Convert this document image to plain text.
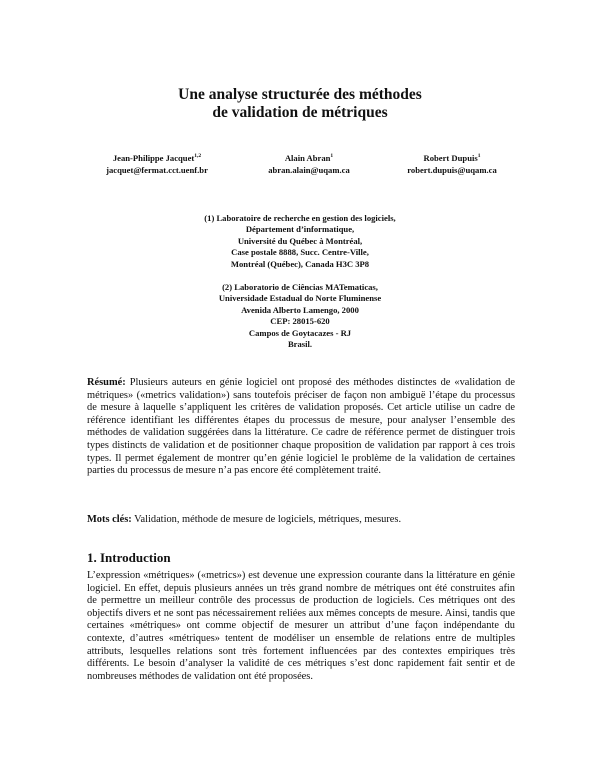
Une analyse structurée des méthodes
de validation de métriques
Jean-Philippe Jacquet$^{1,2}$
jacquet@fermat.cct.uenf.br
Alain Abran$^1$
abran.alain@uqam.ca
Robert Dupuis$^1$
robert.dupuis@uqam.ca
(1) Laboratoire de recherche en gestion des logiciels,
Département d’informatique,
Université du Québec à Montréal,
Case postale 8888, Succ. Centre-Ville,
Montréal (Québec), Canada H3C 3P8
(2) Laboratorio de Ciências MATematicas,
Universidade Estadual do Norte Fluminense
Avenida Alberto Lamengo, 2000
CEP: 28015-620
Campos de Goytacazes - RJ
Brasil.

Résumé: Plusieurs auteurs en génie logiciel ont proposé des méthodes distinctes de «validation de métriques» («metrics validation») sans toutefois préciser de façon non ambiguë l’étape du processus de mesure à laquelle s’appliquent les critères de validation proposés. Cet article utilise un cadre de référence identifiant les différentes étapes du processus de mesure, pour analyser l’ensemble des méthodes de validation suggérées dans la littérature. Ce cadre de référence permet de distinguer trois types distincts de validation et de positionner chaque proposition de validation par rapport à ces trois types. Il permet également de montrer qu’en génie logiciel le problème de la validation de certaines parties du processus de mesure n’a pas encore été complètement traité.

Mots clés: Validation, méthode de mesure de logiciels, métriques, mesures.

1. Introduction

L’expression «métriques» («metrics») est devenue une expression courante dans la littérature en génie logiciel. En effet, depuis plusieurs années un très grand nombre de métriques ont été construites afin de permettre un meilleur contrôle des processus de production de logiciels. Ces métriques ont des objectifs divers et ne sont pas nécessairement reliées aux mêmes concepts de mesure. Ainsi, tandis que certaines «métriques» ont comme objectif de mesurer un attribut d’une façon indépendante du contexte, d’autres «métriques» tentent de modéliser un ensemble de relations entre de multiples attributs, lesquelles relations sont très fortement influencées par des contextes empiriques très différents. Le besoin d’analyser la validité de ces métriques s’est donc rapidement fait sentir et de nombreuses méthodes de validation ont été proposées.
